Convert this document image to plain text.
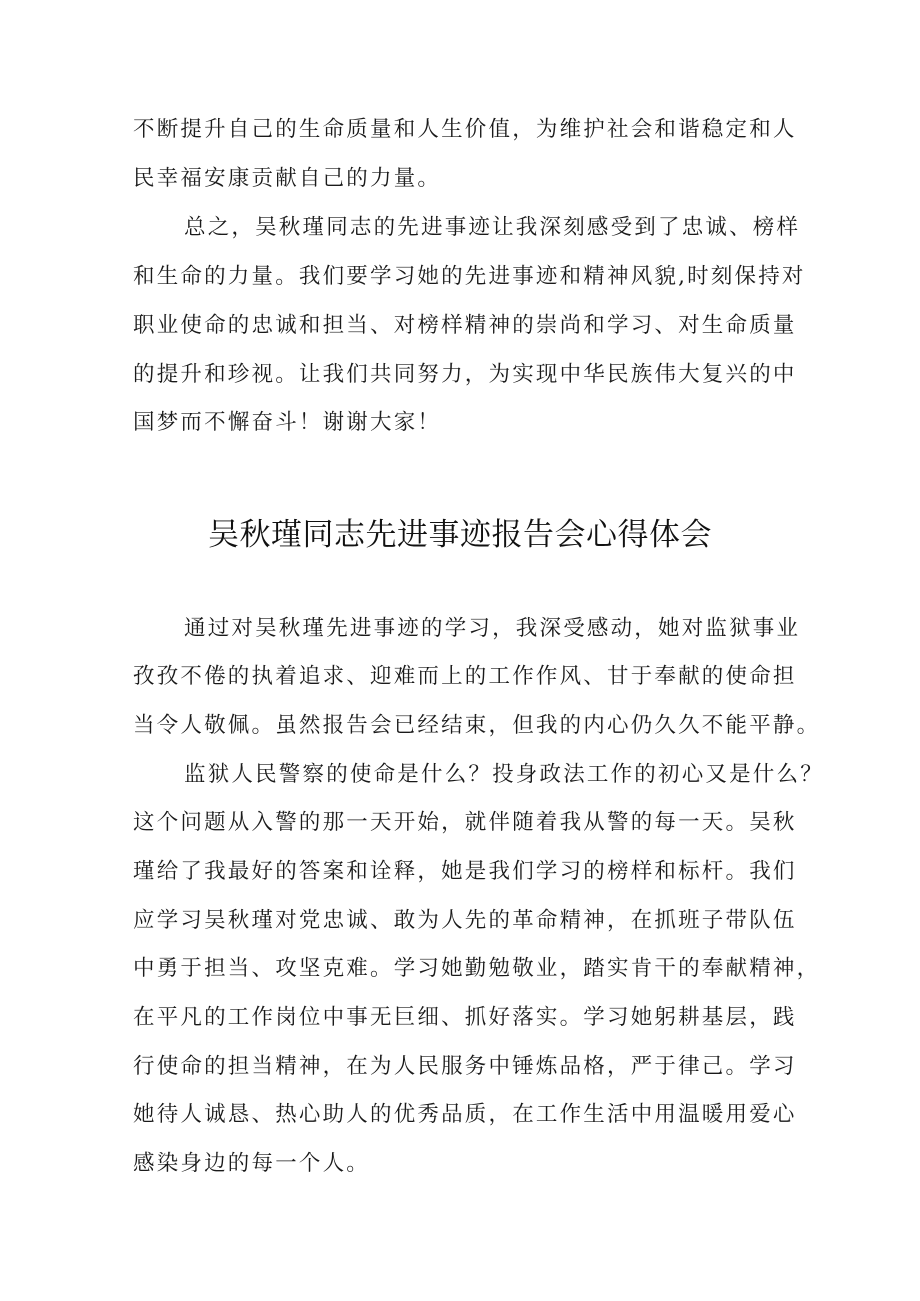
不断提升自己的生命质量和人生价值，为维护社会和谐稳定和人
民幸福安康贡献自己的力量。
总之，吴秋瑾同志的先进事迹让我深刻感受到了忠诚、榜样
和生命的力量。我们要学习她的先进事迹和精神风貌,时刻保持对
职业使命的忠诚和担当、对榜样精神的崇尚和学习、对生命质量
的提升和珍视。让我们共同努力，为实现中华民族伟大复兴的中
国梦而不懈奋斗！谢谢大家！
吴秋瑾同志先进事迹报告会心得体会
通过对吴秋瑾先进事迹的学习，我深受感动，她对监狱事业
孜孜不倦的执着追求、迎难而上的工作作风、甘于奉献的使命担
当令人敬佩。虽然报告会已经结束，但我的内心仍久久不能平静。
监狱人民警察的使命是什么？投身政法工作的初心又是什么？
这个问题从入警的那一天开始，就伴随着我从警的每一天。吴秋
瑾给了我最好的答案和诠释，她是我们学习的榜样和标杆。我们
应学习吴秋瑾对党忠诚、敢为人先的革命精神，在抓班子带队伍
中勇于担当、攻坚克难。学习她勤勉敬业，踏实肯干的奉献精神，
在平凡的工作岗位中事无巨细、抓好落实。学习她躬耕基层，践
行使命的担当精神，在为人民服务中锤炼品格，严于律己。学习
她待人诚恳、热心助人的优秀品质，在工作生活中用温暖用爱心
感染身边的每一个人。
